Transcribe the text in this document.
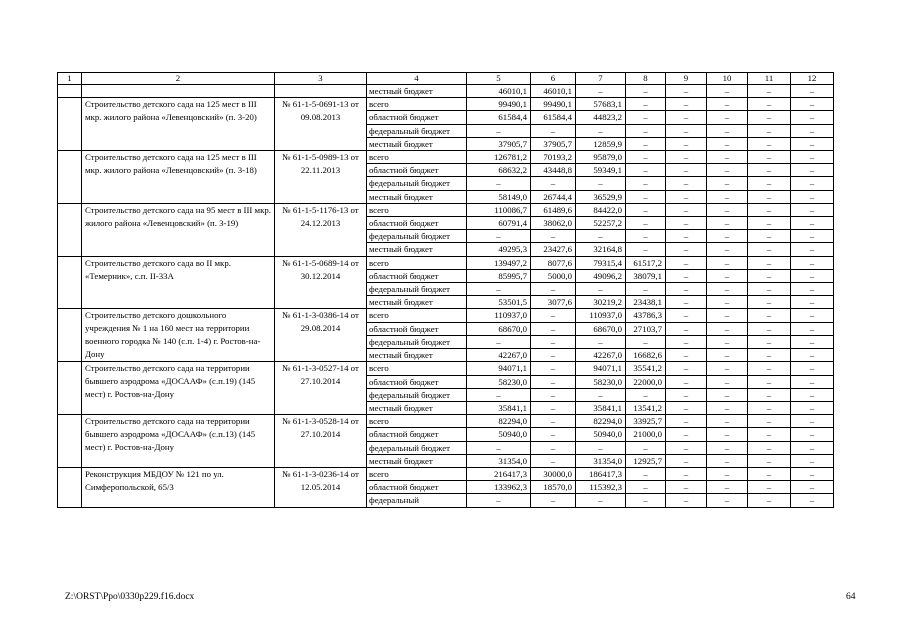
1	2	3	4	5	6	7	8	9	10	11	12
			местный бюджет	46010,1	46010,1	–	–	–	–	–	–
	Строительство детского сада на 125 мест в III мкр. жилого района «Левенцовский» (п. 3-20)	№ 61-1-5-0691-13 от 09.08.2013	всего	99490,1	99490,1	57683,1	–	–	–	–	–
			областной бюджет	61584,4	61584,4	44823,2	–	–	–	–	–
			федеральный бюджет	–	–	–	–	–	–	–	–
			местный бюджет	37905,7	37905,7	12859,9	–	–	–	–	–
	Строительство детского сада на 125 мест в III мкр. жилого района «Левенцовский» (п. 3-18)	№ 61-1-5-0989-13 от 22.11.2013	всего	126781,2	70193,2	95879,0	–	–	–	–	–
			областной бюджет	68632,2	43448,8	59349,1	–	–	–	–	–
			федеральный бюджет	–	–	–	–	–	–	–	–
			местный бюджет	58149,0	26744,4	36529,9	–	–	–	–	–
	Строительство детского сада на 95 мест в III мкр. жилого района «Левенцовский» (п. 3-19)	№ 61-1-5-1176-13 от 24.12.2013	всего	110086,7	61489,6	84422,0	–	–	–	–	–
			областной бюджет	60791,4	38062,0	52257,2	–	–	–	–	–
			федеральный бюджет	–	–	–	–	–	–	–	–
			местный бюджет	49295,3	23427,6	32164,8	–	–	–	–	–
	Строительство детского сада во II мкр. «Темерник», с.п. II-33А	№ 61-1-5-0689-14 от 30.12.2014	всего	139497,2	8077,6	79315,4	61517,2	–	–	–	–
			областной бюджет	85995,7	5000,0	49096,2	38079,1	–	–	–	–
			федеральный бюджет	–	–	–	–	–	–	–	–
			местный бюджет	53501,5	3077,6	30219,2	23438,1	–	–	–	–
	Строительство детского дошкольного учреждения № 1 на 160 мест на территории военного городка № 140 (с.п. 1-4) г. Ростов-на-Дону	№ 61-1-3-0386-14 от 29.08.2014	всего	110937,0	–	110937,0	43786,3	–	–	–	–
			областной бюджет	68670,0	–	68670,0	27103,7	–	–	–	–
			федеральный бюджет	–	–	–	–	–	–	–	–
			местный бюджет	42267,0	–	42267,0	16682,6	–	–	–	–
	Строительство детского сада на территории бывшего аэродрома «ДОСААФ» (с.п.19) (145 мест) г. Ростов-на-Дону	№ 61-1-3-0527-14 от 27.10.2014	всего	94071,1	–	94071,1	35541,2	–	–	–	–
			областной бюджет	58230,0	–	58230,0	22000,0	–	–	–	–
			федеральный бюджет	–	–	–	–	–	–	–	–
			местный бюджет	35841,1	–	35841,1	13541,2	–	–	–	–
	Строительство детского сада на территории бывшего аэродрома «ДОСААФ» (с.п.13) (145 мест) г. Ростов-на-Дону	№ 61-1-3-0528-14 от 27.10.2014	всего	82294,0	–	82294,0	33925,7	–	–	–	–
			областной бюджет	50940,0	–	50940,0	21000,0	–	–	–	–
			федеральный бюджет	–	–	–	–	–	–	–	–
			местный бюджет	31354,0	–	31354,0	12925,7	–	–	–	–
	Реконструкция МБДОУ № 121 по ул. Симферопольской, 65/3	№ 61-1-3-0236-14 от 12.05.2014	всего	216417,3	30000,0	186417,3	–	–	–	–	–
			областной бюджет	133962,3	18570,0	115392,3	–	–	–	–	–
			федеральный	–	–	–	–	–	–	–	–
Z:\ORST\Ppo\0330p229.f16.docx	64
